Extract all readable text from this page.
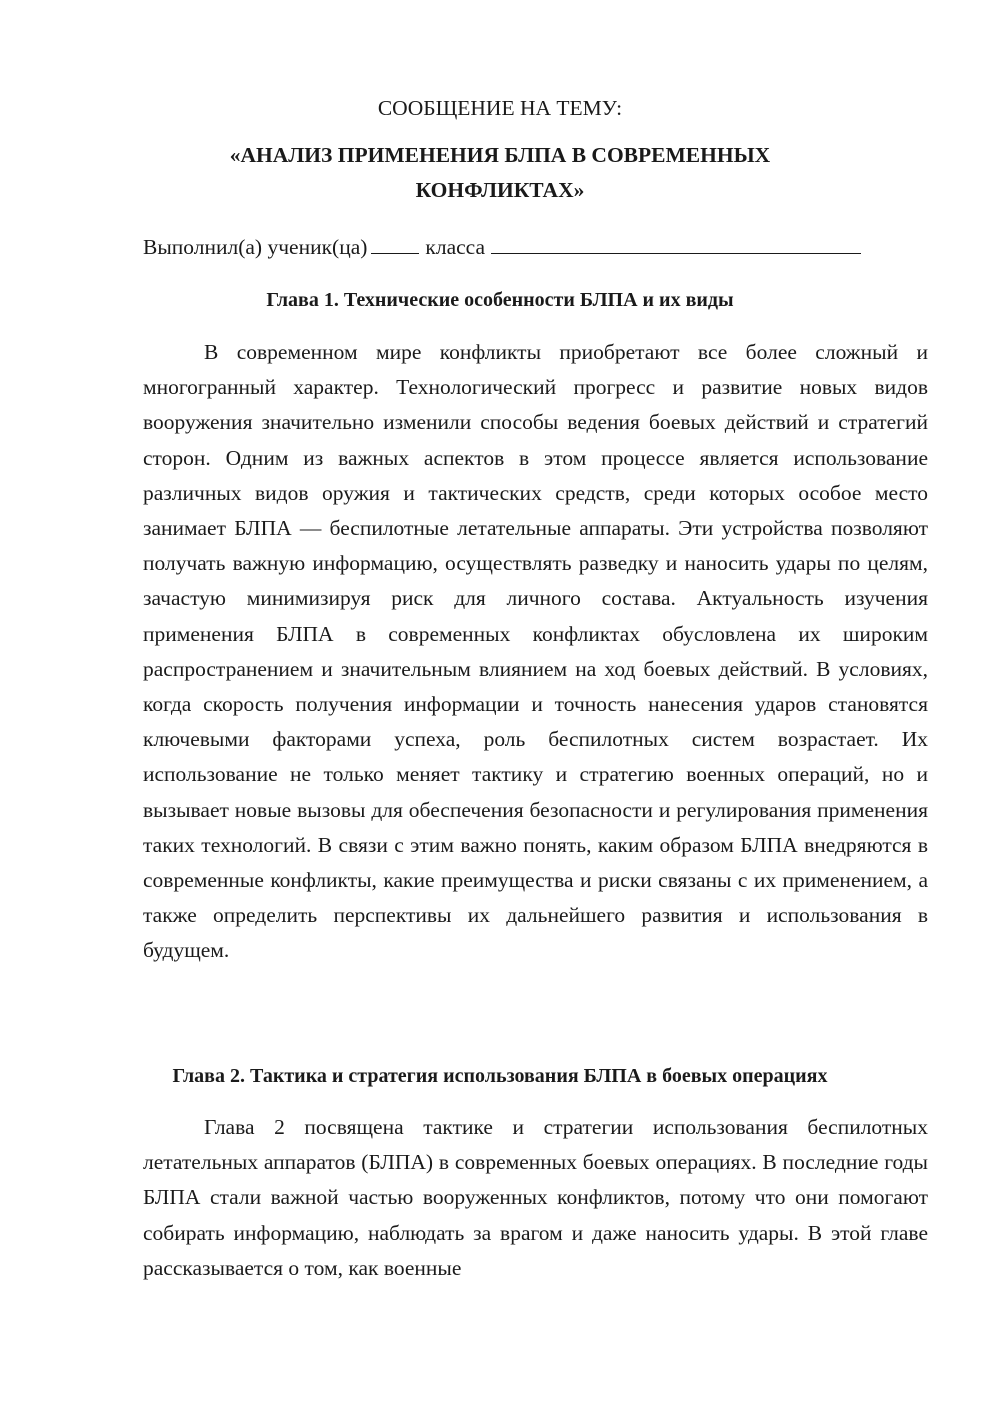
СООБЩЕНИЕ НА ТЕМУ:
«АНАЛИЗ ПРИМЕНЕНИЯ БЛПА В СОВРЕМЕННЫХ
КОНФЛИКТАХ»
Выполнил(а) ученик(ца)	класса
Глава 1. Технические особенности БЛПА и их виды

В современном мире конфликты приобретают все более сложный и многогранный характер. Технологический прогресс и развитие новых видов вооружения значительно изменили способы ведения боевых действий и стратегий сторон. Одним из важных аспектов в этом процессе является использование различных видов оружия и тактических средств, среди которых особое место занимает БЛПА — беспилотные летательные аппараты. Эти устройства позволяют получать важную информацию, осуществлять разведку и наносить удары по целям, зачастую минимизируя риск для личного состава. Актуальность изучения применения БЛПА в современных конфликтах обусловлена их широким распространением и значительным влиянием на ход боевых действий. В условиях, когда скорость получения информации и точность нанесения ударов становятся ключевыми факторами успеха, роль беспилотных систем возрастает. Их использование не только меняет тактику и стратегию военных операций, но и вызывает новые вызовы для обеспечения безопасности и регулирования применения таких технологий. В связи с этим важно понять, каким образом БЛПА внедряются в современные конфликты, какие преимущества и риски связаны с их применением, а также определить перспективы их дальнейшего развития и использования в будущем.

Глава 2. Тактика и стратегия использования БЛПА в боевых операциях

Глава 2 посвящена тактике и стратегии использования беспилотных летательных аппаратов (БЛПА) в современных боевых операциях. В последние годы БЛПА стали важной частью вооруженных конфликтов, потому что они помогают собирать информацию, наблюдать за врагом и даже наносить удары. В этой главе рассказывается о том, как военные
